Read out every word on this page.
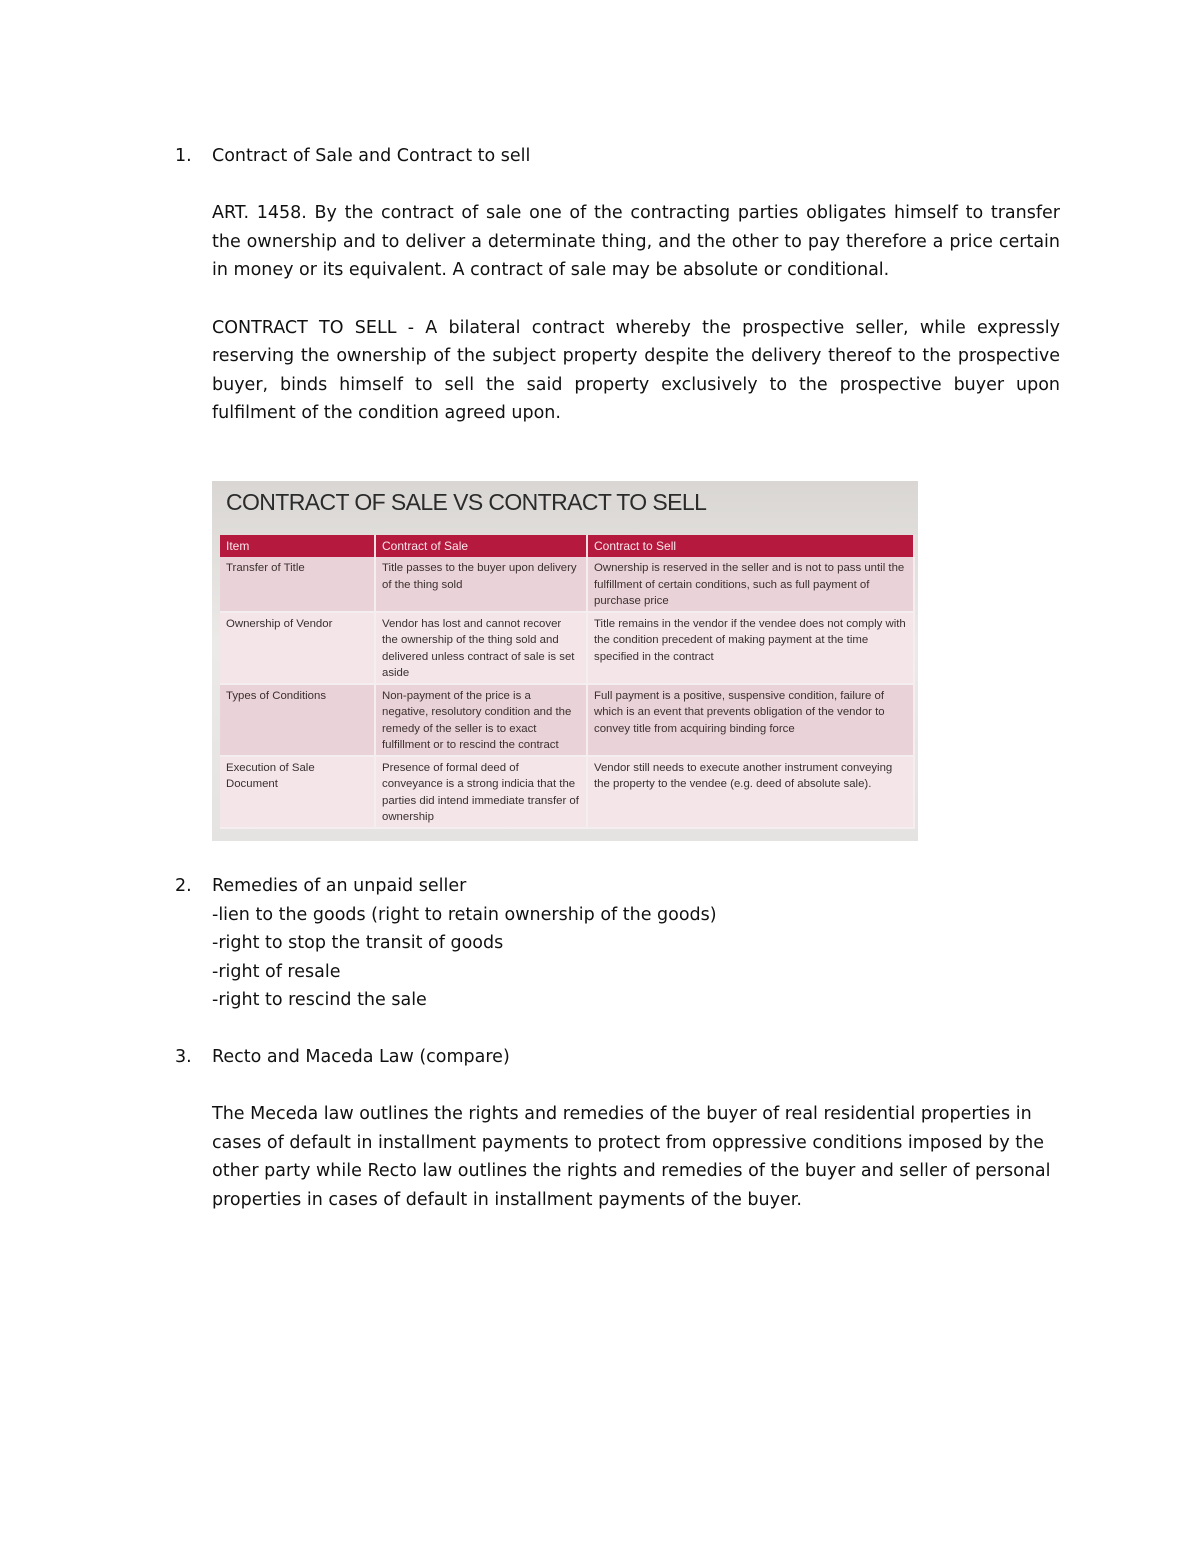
1.	Contract of Sale and Contract to sell

ART. 1458. By the contract of sale one of the contracting parties obligates himself to transfer the ownership and to deliver a determinate thing, and the other to pay therefore a price certain in money or its equivalent. A contract of sale may be absolute or conditional.

CONTRACT TO SELL - A bilateral contract whereby the prospective seller, while expressly reserving the ownership of the subject property despite the delivery thereof to the prospective buyer, binds himself to sell the said property exclusively to the prospective buyer upon fulfilment of the condition agreed upon.

CONTRACT OF SALE VS CONTRACT TO SELL
Item	Contract of Sale	Contract to Sell
Transfer of Title	Title passes to the buyer upon delivery of the thing sold	Ownership is reserved in the seller and is not to pass until the fulfillment of certain conditions, such as full payment of purchase price
Ownership of Vendor	Vendor has lost and cannot recover the ownership of the thing sold and delivered unless contract of sale is set aside	Title remains in the vendor if the vendee does not comply with the condition precedent of making payment at the time specified in the contract
Types of Conditions	Non-payment of the price is a negative, resolutory condition and the remedy of the seller is to exact fulfillment or to rescind the contract	Full payment is a positive, suspensive condition, failure of which is an event that prevents obligation of the vendor to convey title from acquiring binding force
Execution of Sale Document	Presence of formal deed of conveyance is a strong indicia that the parties did intend immediate transfer of ownership	Vendor still needs to execute another instrument conveying the property to the vendee (e.g. deed of absolute sale).
2.	Remedies of an unpaid seller

-lien to the goods (right to retain ownership of the goods)
-right to stop the transit of goods
-right of resale
-right to rescind the sale
3.	Recto and Maceda Law (compare)

The Meceda law outlines the rights and remedies of the buyer of real residential properties in cases of default in installment payments to protect from oppressive conditions imposed by the other party while Recto law outlines the rights and remedies of the buyer and seller of personal properties in cases of default in installment payments of the buyer.
